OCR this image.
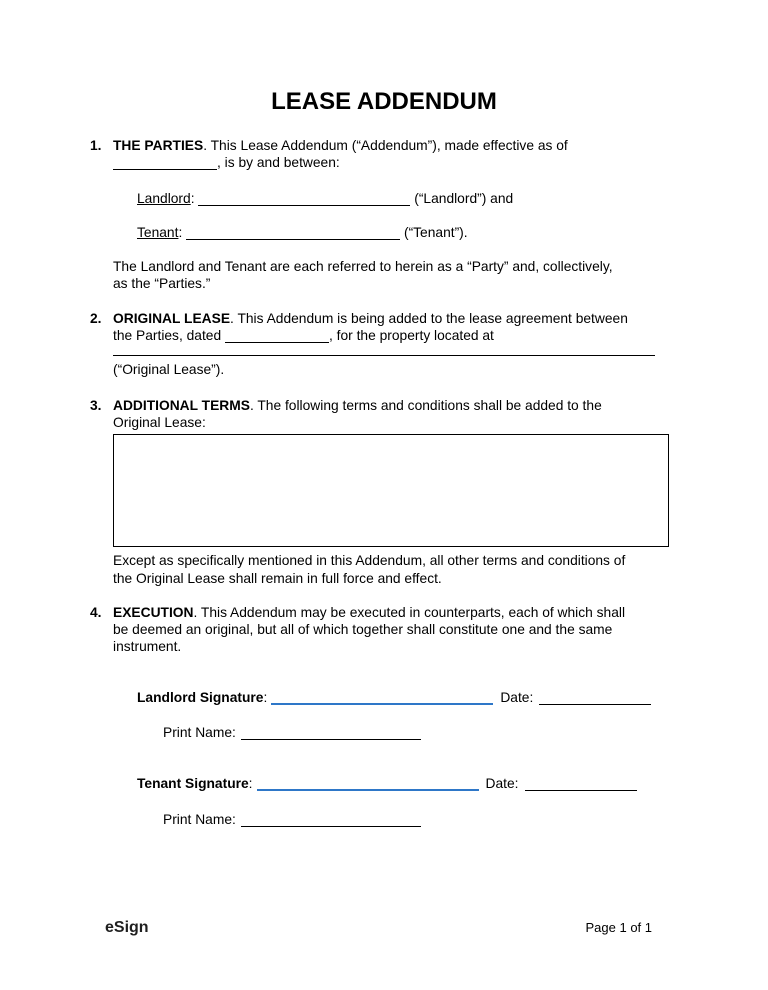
LEASE ADDENDUM
1. THE PARTIES. This Lease Addendum (“Addendum”), made effective as of
, is by and between:

Landlord:	(“Landlord”) and
Tenant:	(“Tenant”).

The Landlord and Tenant are each referred to herein as a “Party” and, collectively,
as the “Parties.”

2. ORIGINAL LEASE. This Addendum is being added to the lease agreement between
the Parties, dated	, for the property located at

(“Original Lease”).

3. ADDITIONAL TERMS. The following terms and conditions shall be added to the
Original Lease:

Except as specifically mentioned in this Addendum, all other terms and conditions of
the Original Lease shall remain in full force and effect.

4. EXECUTION. This Addendum may be executed in counterparts, each of which shall
be deemed an original, but all of which together shall constitute one and the same
instrument.

Landlord Signature:	Date:
Print Name:
Tenant Signature:	Date:
Print Name:
eSign	Page 1 of 1
